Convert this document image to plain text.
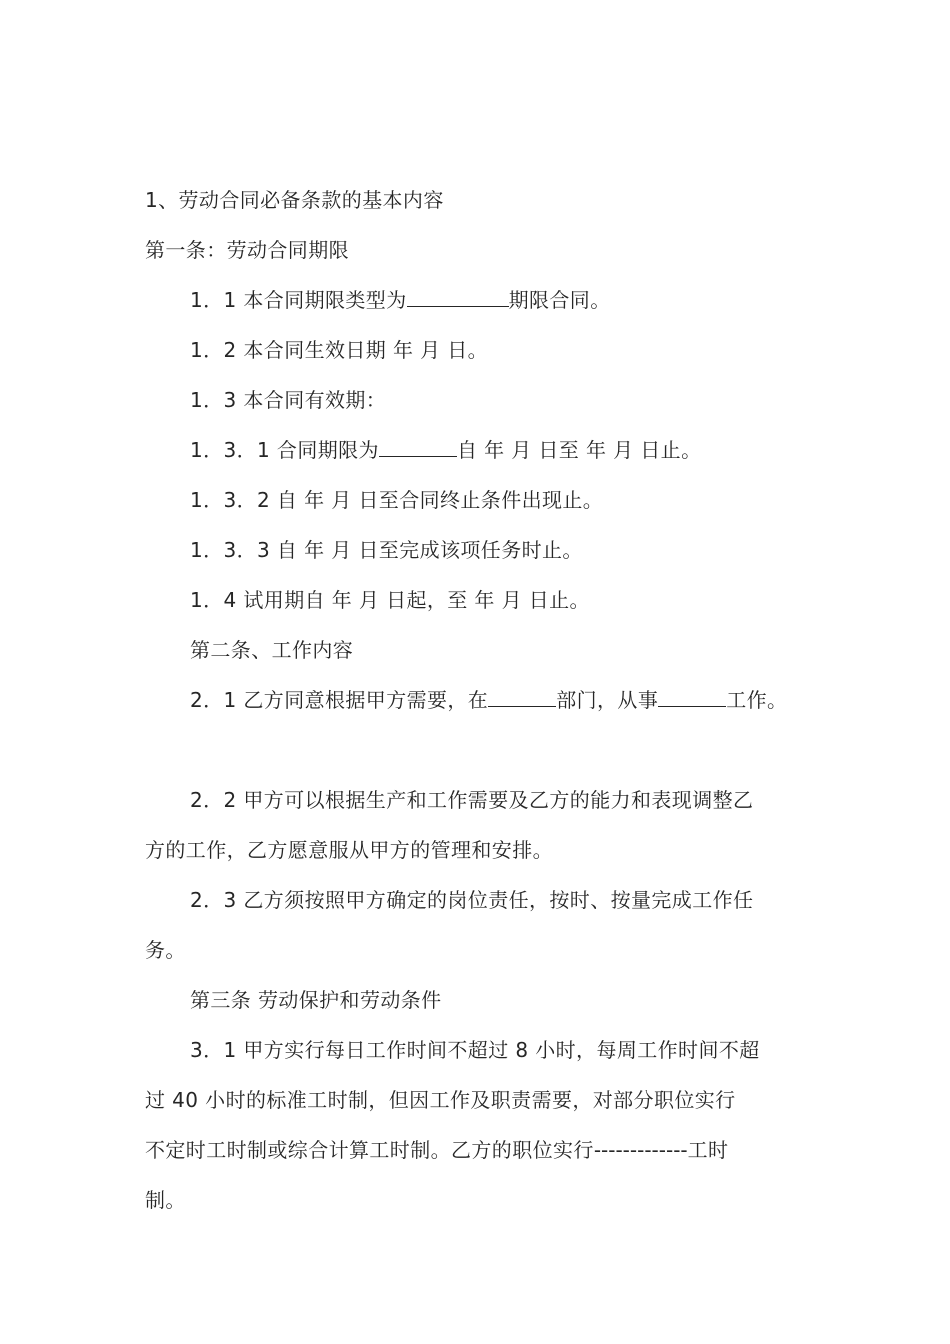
1、劳动合同必备条款的基本内容
第一条：劳动合同期限
1．1 本合同期限类型为	期限合同。
1．2 本合同生效日期 年 月 日。
1．3 本合同有效期：
1．3．1 合同期限为	自 年 月 日至 年 月 日止。
1．3．2 自 年 月 日至合同终止条件出现止。
1．3．3 自 年 月 日至完成该项任务时止。
1．4 试用期自 年 月 日起，至 年 月 日止。
第二条、工作内容
2．1 乙方同意根据甲方需要，在	部门，从事	工作。
2．2 甲方可以根据生产和工作需要及乙方的能力和表现调整乙
方的工作，乙方愿意服从甲方的管理和安排。
2．3 乙方须按照甲方确定的岗位责任，按时、按量完成工作任
务。
第三条 劳动保护和劳动条件
3．1 甲方实行每日工作时间不超过 8 小时，每周工作时间不超
过 40 小时的标准工时制，但因工作及职责需要，对部分职位实行
不定时工时制或综合计算工时制。乙方的职位实行-------------工时
制。
